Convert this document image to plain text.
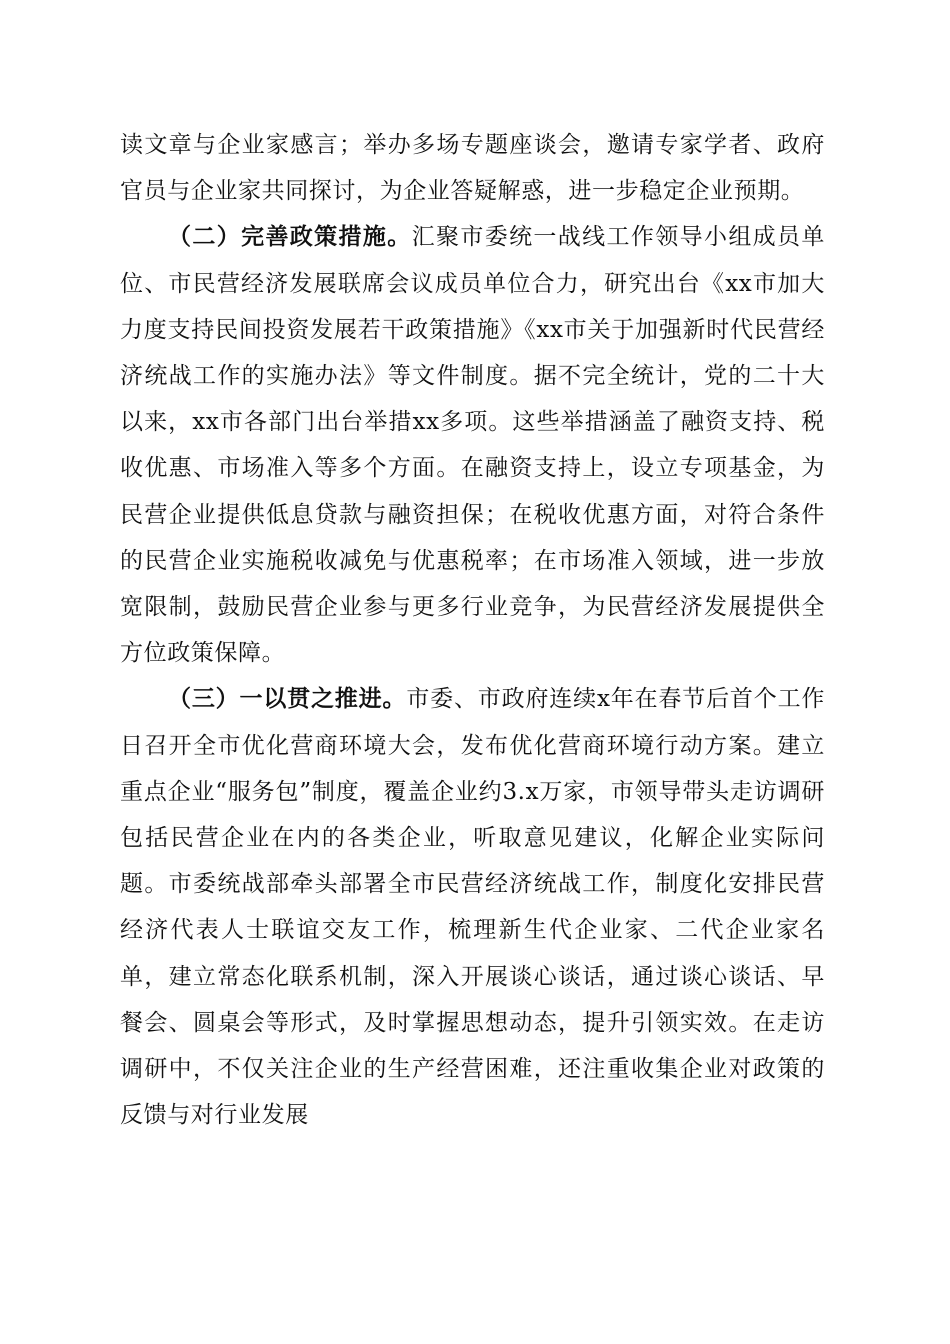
读文章与企业家感言；举办多场专题座谈会，邀请专家学者、政府官员与企业家共同探讨，为企业答疑解惑，进一步稳定企业预期。

（二）完善政策措施。汇聚市委统一战线工作领导小组成员单位、市民营经济发展联席会议成员单位合力，研究出台《xx市加大力度支持民间投资发展若干政策措施》《xx市关于加强新时代民营经济统战工作的实施办法》等文件制度。据不完全统计，党的二十大以来，xx市各部门出台举措xx多项。这些举措涵盖了融资支持、税收优惠、市场准入等多个方面。在融资支持上，设立专项基金，为民营企业提供低息贷款与融资担保；在税收优惠方面，对符合条件的民营企业实施税收减免与优惠税率；在市场准入领域，进一步放宽限制，鼓励民营企业参与更多行业竞争，为民营经济发展提供全方位政策保障。

（三）一以贯之推进。市委、市政府连续x年在春节后首个工作日召开全市优化营商环境大会，发布优化营商环境行动方案。建立重点企业“服务包”制度，覆盖企业约3.x万家，市领导带头走访调研包括民营企业在内的各类企业，听取意见建议，化解企业实际问题。市委统战部牵头部署全市民营经济统战工作，制度化安排民营经济代表人士联谊交友工作，梳理新生代企业家、二代企业家名单，建立常态化联系机制，深入开展谈心谈话，通过谈心谈话、早餐会、圆桌会等形式，及时掌握思想动态，提升引领实效。在走访调研中，不仅关注企业的生产经营困难，还注重收集企业对政策的反馈与对行业发展
